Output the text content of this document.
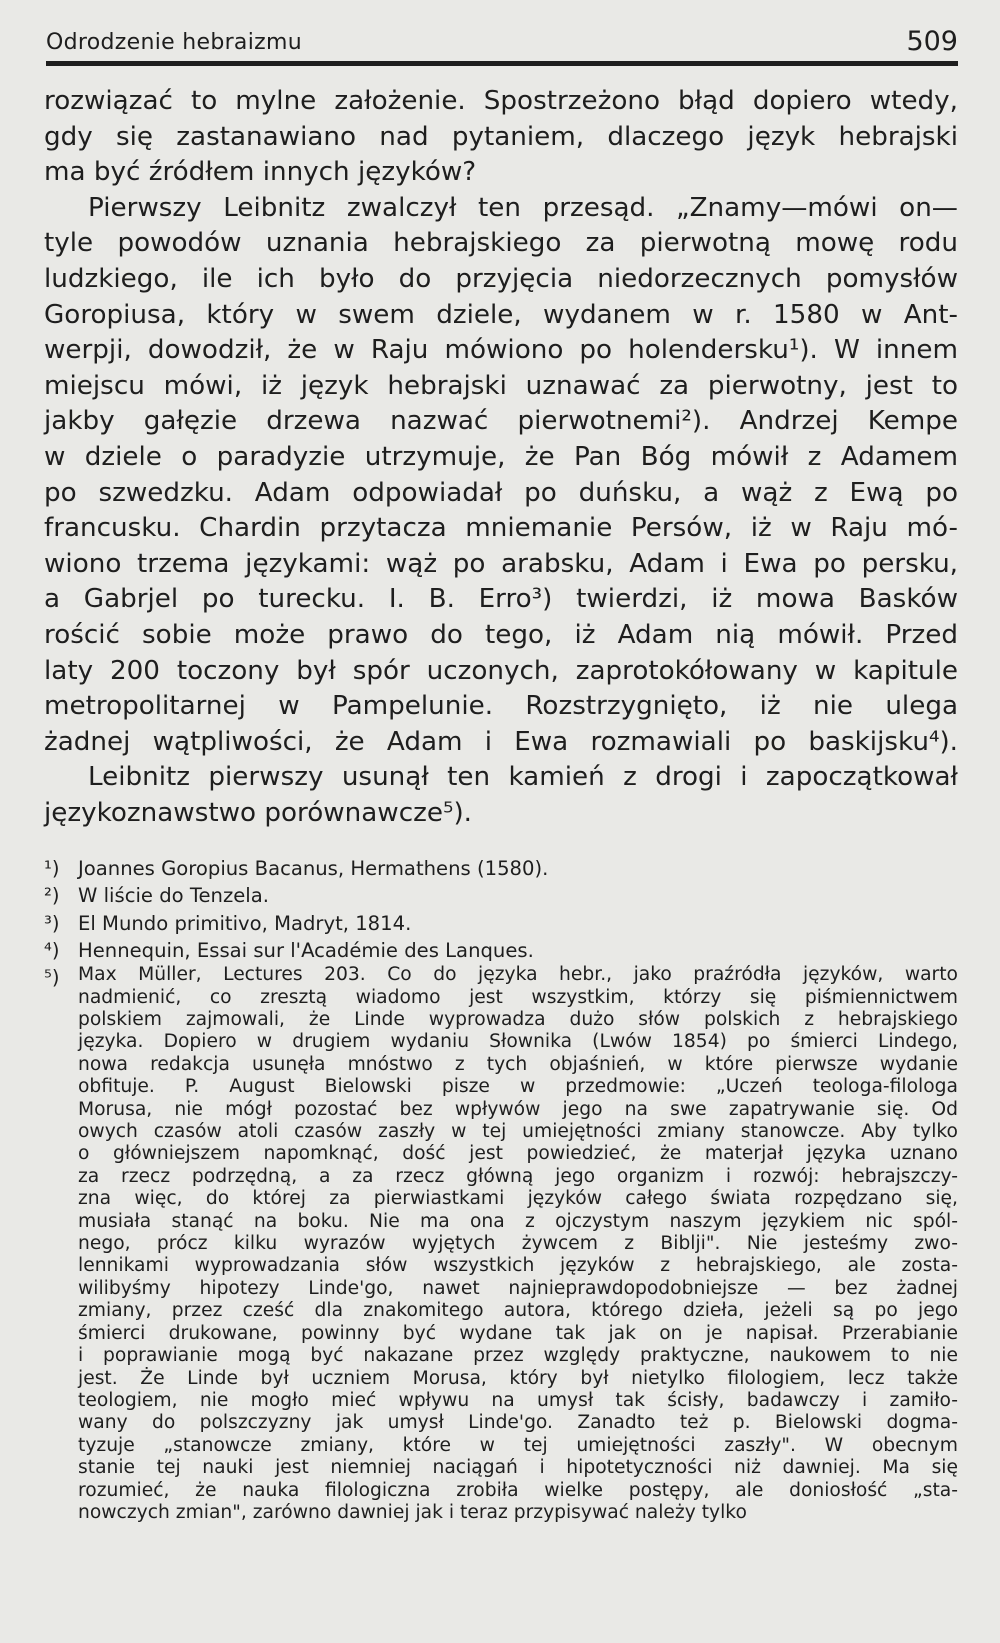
Odrodzenie hebraizmu	509

rozwiązać to mylne założenie. Spostrzeżono błąd dopiero wtedy,

gdy się zastanawiano nad pytaniem, dlaczego język hebrajski

ma być źródłem innych języków?

Pierwszy Leibnitz zwalczył ten przesąd. „Znamy—mówi on—

tyle powodów uznania hebrajskiego za pierwotną mowę rodu

ludzkiego, ile ich było do przyjęcia niedorzecznych pomysłów

Goropiusa, który w swem dziele, wydanem w r. 1580 w Ant-

werpji, dowodził, że w Raju mówiono po holendersku¹). W innem

miejscu mówi, iż język hebrajski uznawać za pierwotny, jest to

jakby gałęzie drzewa nazwać pierwotnemi²). Andrzej Kempe

w dziele o paradyzie utrzymuje, że Pan Bóg mówił z Adamem

po szwedzku. Adam odpowiadał po duńsku, a wąż z Ewą po

francusku. Chardin przytacza mniemanie Persów, iż w Raju mó-

wiono trzema językami: wąż po arabsku, Adam i Ewa po persku,

a Gabrjel po turecku. I. B. Erro³) twierdzi, iż mowa Basków

rościć sobie może prawo do tego, iż Adam nią mówił. Przed

laty 200 toczony był spór uczonych, zaprotokółowany w kapitule

metropolitarnej w Pampelunie. Rozstrzygnięto, iż nie ulega

żadnej wątpliwości, że Adam i Ewa rozmawiali po baskijsku⁴).

Leibnitz pierwszy usunął ten kamień z drogi i zapoczątkował

językoznawstwo porównawcze⁵).

¹) Joannes Goropius Bacanus, Hermathens (1580).
²) W liście do Tenzela.
³) El Mundo primitivo, Madryt, 1814.
⁴) Hennequin, Essai sur l'Académie des Lanques.
⁵) Max Müller, Lectures 203. Co do języka hebr., jako praźródła języków, warto

nadmienić, co zresztą wiadomo jest wszystkim, którzy się piśmiennictwem

polskiem zajmowali, że Linde wyprowadza dużo słów polskich z hebrajskiego

języka. Dopiero w drugiem wydaniu Słownika (Lwów 1854) po śmierci Lindego,

nowa redakcja usunęła mnóstwo z tych objaśnień, w które pierwsze wydanie

obfituje. P. August Bielowski pisze w przedmowie: „Uczeń teologa-filologa

Morusa, nie mógł pozostać bez wpływów jego na swe zapatrywanie się. Od

owych czasów atoli czasów zaszły w tej umiejętności zmiany stanowcze. Aby tylko

o główniejszem napomknąć, dość jest powiedzieć, że materjał języka uznano

za rzecz podrzędną, a za rzecz główną jego organizm i rozwój: hebrajszczy-

zna więc, do której za pierwiastkami języków całego świata rozpędzano się,

musiała stanąć na boku. Nie ma ona z ojczystym naszym językiem nic spól-

nego, prócz kilku wyrazów wyjętych żywcem z Biblji". Nie jesteśmy zwo-

lennikami wyprowadzania słów wszystkich języków z hebrajskiego, ale zosta-

wilibyśmy hipotezy Linde'go, nawet najnieprawdopodobniejsze — bez żadnej

zmiany, przez cześć dla znakomitego autora, którego dzieła, jeżeli są po jego

śmierci drukowane, powinny być wydane tak jak on je napisał. Przerabianie

i poprawianie mogą być nakazane przez względy praktyczne, naukowem to nie

jest. Że Linde był uczniem Morusa, który był nietylko filologiem, lecz także

teologiem, nie mogło mieć wpływu na umysł tak ścisły, badawczy i zamiło-

wany do polszczyzny jak umysł Linde'go. Zanadto też p. Bielowski dogma-

tyzuje „stanowcze zmiany, które w tej umiejętności zaszły". W obecnym

stanie tej nauki jest niemniej naciągań i hipotetyczności niż dawniej. Ma się

rozumieć, że nauka filologiczna zrobiła wielke postępy, ale doniosłość „sta-

nowczych zmian", zarówno dawniej jak i teraz przypisywać należy tylko
